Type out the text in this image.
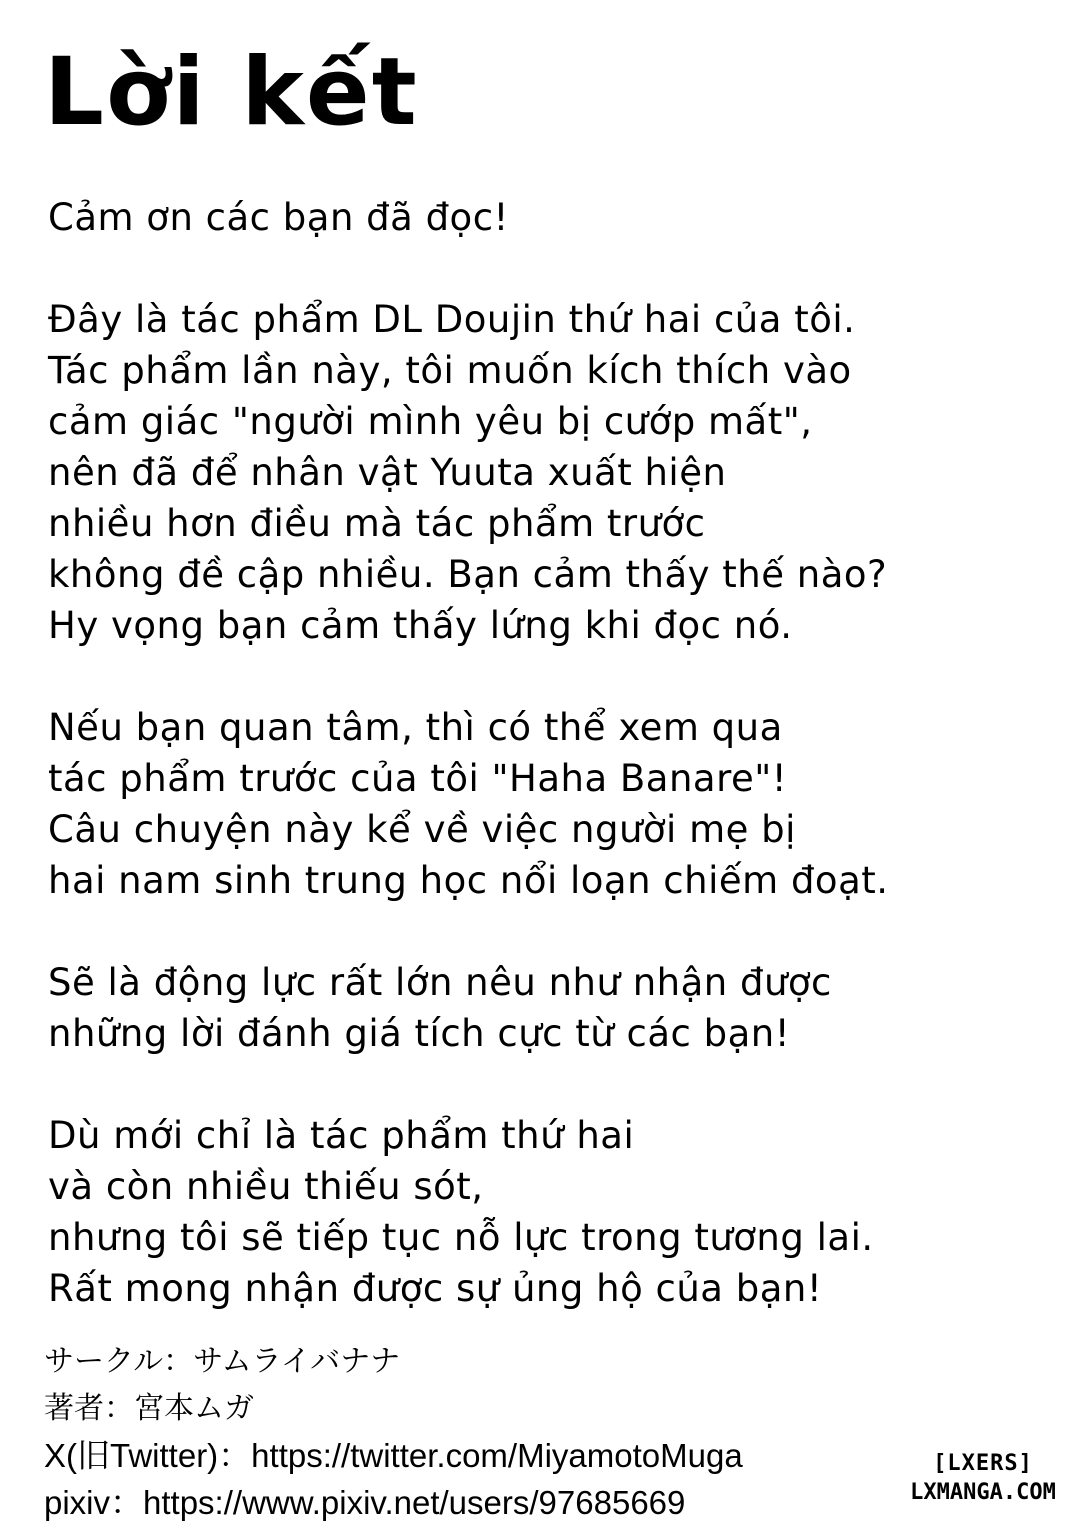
Lời kết
Cảm ơn các bạn đã đọc!
Đây là tác phẩm DL Doujin thứ hai của tôi.
Tác phẩm lần này, tôi muốn kích thích vào
cảm giác "người mình yêu bị cướp mất",
nên đã để nhân vật Yuuta xuất hiện
nhiều hơn điều mà tác phẩm trước
không đề cập nhiều. Bạn cảm thấy thế nào?
Hy vọng bạn cảm thấy lứng khi đọc nó.
Nếu bạn quan tâm, thì có thể xem qua
tác phẩm trước của tôi "Haha Banare"!
Câu chuyện này kể về việc người mẹ bị
hai nam sinh trung học nổi loạn chiếm đoạt.
Sẽ là động lực rất lớn nêu như nhận được
những lời đánh giá tích cực từ các bạn!
Dù mới chỉ là tác phẩm thứ hai
và còn nhiều thiếu sót,
nhưng tôi sẽ tiếp tục nỗ lực trong tương lai.
Rất mong nhận được sự ủng hộ của bạn!
サークル：サムライバナナ
著者：宮本ムガ
X(旧Twitter)：https://twitter.com/MiyamotoMuga
pixiv：https://www.pixiv.net/users/97685669
[LXERS]
LXMANGA.COM
